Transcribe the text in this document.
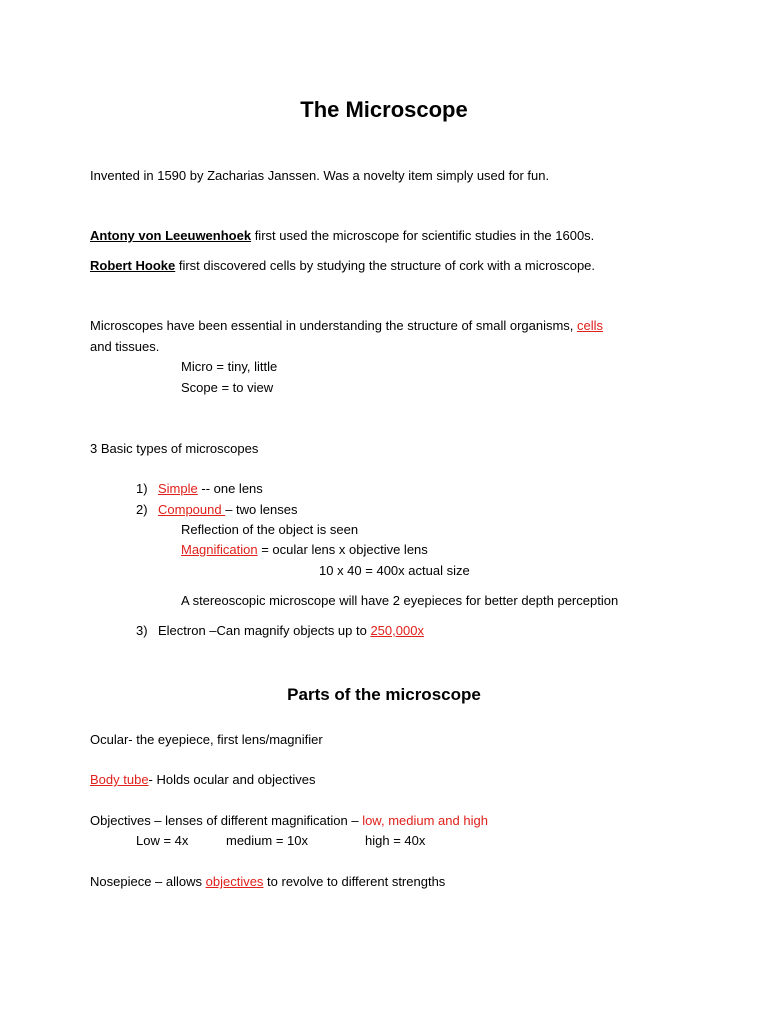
The Microscope
Invented in 1590 by Zacharias Janssen. Was a novelty item simply used for fun.
Antony von Leeuwenhoek first used the microscope for scientific studies in the 1600s.
Robert Hooke first discovered cells by studying the structure of cork with a microscope.
Microscopes have been essential in understanding the structure of small organisms, cells
and tissues.
Micro = tiny, little
Scope = to view
3 Basic types of microscopes
1) Simple -- one lens
2) Compound – two lenses
Reflection of the object is seen
Magnification = ocular lens x objective lens
10 x 40 = 400x actual size
A stereoscopic microscope will have 2 eyepieces for better depth perception
3) Electron –Can magnify objects up to 250,000x
Parts of the microscope
Ocular- the eyepiece, first lens/magnifier
Body tube- Holds ocular and objectives
Objectives – lenses of different magnification – low, medium and high
Low = 4x	medium = 10x	high = 40x
Nosepiece – allows objectives to revolve to different strengths
